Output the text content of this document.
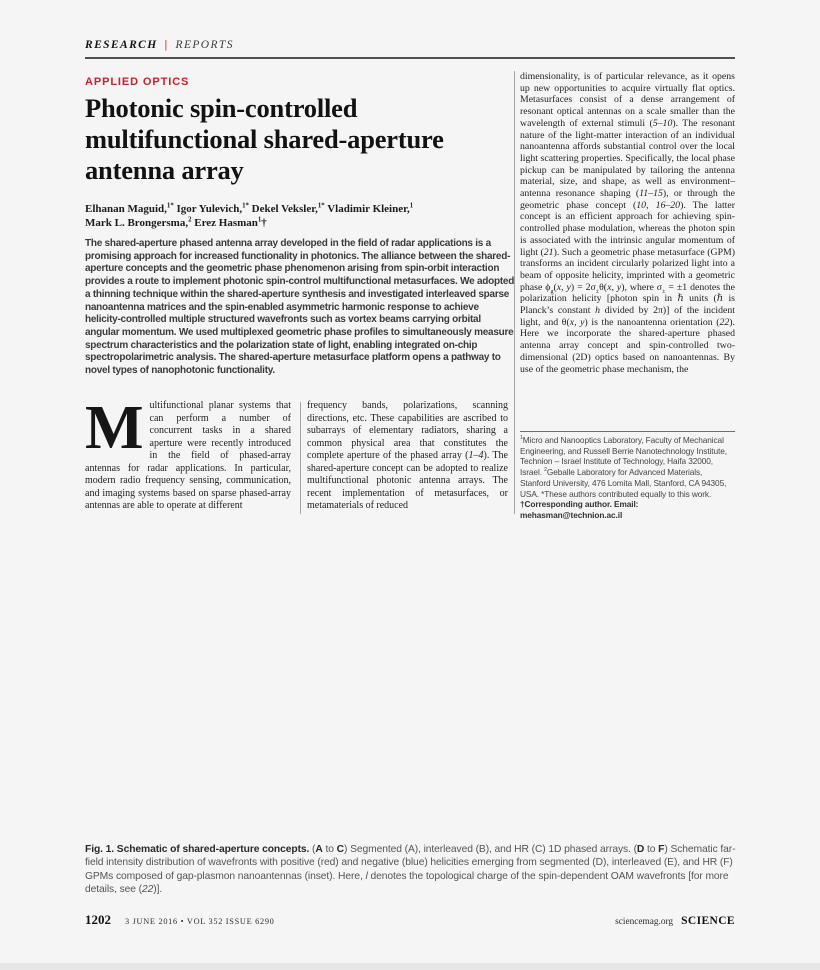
RESEARCH | REPORTS
APPLIED OPTICS
Photonic spin-controlled multifunctional shared-aperture antenna array
Elhanan Maguid,$^{1*}$ Igor Yulevich,$^{1*}$ Dekel Veksler,$^{1*}$ Vladimir Kleiner,$^1$
Mark L. Brongersma,$^2$ Erez Hasman$^1$†

The shared-aperture phased antenna array developed in the field of radar applications is a promising approach for increased functionality in photonics. The alliance between the shared-aperture concepts and the geometric phase phenomenon arising from spin-orbit interaction provides a route to implement photonic spin-control multifunctional metasurfaces. We adopted a thinning technique within the shared-aperture synthesis and investigated interleaved sparse nanoantenna matrices and the spin-enabled asymmetric harmonic response to achieve helicity-controlled multiple structured wavefronts such as vortex beams carrying orbital angular momentum. We used multiplexed geometric phase profiles to simultaneously measure spectrum characteristics and the polarization state of light, enabling integrated on-chip spectropolarimetric analysis. The shared-aperture metasurface platform opens a pathway to novel types of nanophotonic functionality.

Multifunctional planar systems that can perform a number of concurrent tasks in a shared aperture were recently introduced in the field of phased-array antennas for radar applications. In particular, modern radio frequency sensing, communication, and imaging systems based on sparse phased-array antennas are able to operate at different
frequency bands, polarizations, scanning directions, etc. These capabilities are ascribed to subarrays of elementary radiators, sharing a common physical area that constitutes the complete aperture of the phased array (1–4). The shared-aperture concept can be adopted to realize multifunctional photonic antenna arrays. The recent implementation of metasurfaces, or metamaterials of reduced
dimensionality, is of particular relevance, as it opens up new opportunities to acquire virtually flat optics. Metasurfaces consist of a dense arrangement of resonant optical antennas on a scale smaller than the wavelength of external stimuli (5–10). The resonant nature of the light-matter interaction of an individual nanoantenna affords substantial control over the local light scattering properties. Specifically, the local phase pickup can be manipulated by tailoring the antenna material, size, and shape, as well as environment–antenna resonance shaping (11–15), or through the geometric phase concept (10, 16–20). The latter concept is an efficient approach for achieving spin-controlled phase modulation, whereas the photon spin is associated with the intrinsic angular momentum of light (21). Such a geometric phase metasurface (GPM) transforms an incident circularly polarized light into a beam of opposite helicity, imprinted with a geometric phase $\phi_g(x$, $y) = 2\sigma_\pm\theta(x$, y), where $\sigma_\pm = \pm 1$ denotes the polarization helicity [photon spin in ℏ units (ℏ is Planck’s constant h divided by 2π)] of the incident light, and θ(x, y) is the nanoantenna orientation (22). Here we incorporate the shared-aperture phased antenna array concept and spin-controlled two-dimensional (2D) optics based on nanoantennas. By use of the geometric phase mechanism, the
$^1$Micro and Nanooptics Laboratory, Faculty of Mechanical Engineering, and Russell Berrie Nanotechnology Institute, Technion – Israel Institute of Technology, Haifa 32000, Israel. $^2$Geballe Laboratory for Advanced Materials, Stanford University, 476 Lomita Mall, Stanford, CA 94305, USA. *These authors contributed equally to this work. †Corresponding author. Email: mehasman@technion.ac.il

Fig. 1. Schematic of shared-aperture concepts. (A to C) Segmented (A), interleaved (B), and HR (C) 1D phased arrays. (D to F) Schematic far-field intensity distribution of wavefronts with positive (red) and negative (blue) helicities emerging from segmented (D), interleaved (E), and HR (F) GPMs composed of gap-plasmon nanoantennas (inset). Here, l denotes the topological charge of the spin-dependent OAM wavefronts [for more details, see (22)].

1202 3 JUNE 2016 • VOL 352 ISSUE 6290	sciencemag.org SCIENCE
